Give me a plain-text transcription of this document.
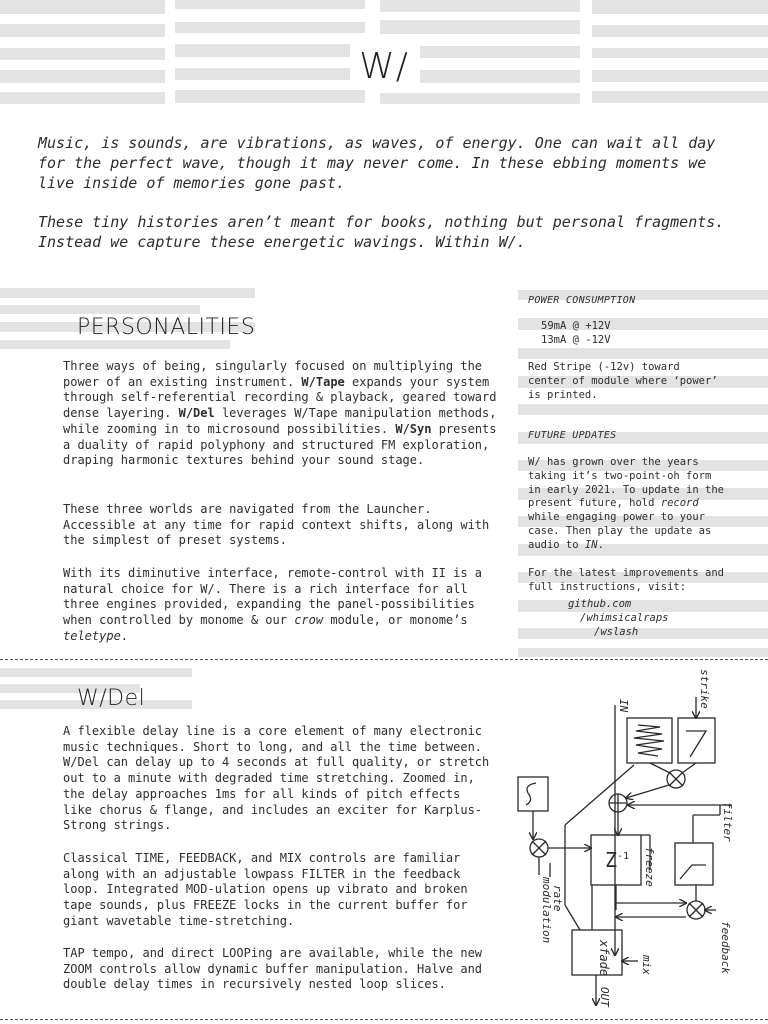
W/

Music, is sounds, are vibrations, as waves, of energy. One can wait all day for the perfect wave, though it may never come. In these ebbing moments we live inside of memories gone past.

These tiny histories aren’t meant for books, nothing but personal fragments. Instead we capture these energetic wavings. Within W/.

PERSONALITIES

Three ways of being, singularly focused on multiplying the power of an existing instrument. W/Tape expands your system through self-referential recording & playback, geared toward dense layering. W/Del leverages W/Tape manipulation methods, while zooming in to microsound possibilities. W/Syn presents a duality of rapid polyphony and structured FM exploration, draping harmonic textures behind your sound stage.

These three worlds are navigated from the Launcher. Accessible at any time for rapid context shifts, along with the simplest of preset systems.

With its diminutive interface, remote-control with II is a natural choice for W/. There is a rich interface for all three engines provided, expanding the panel-possibilities when controlled by monome & our crow module, or monome’s teletype.

POWER CONSUMPTION
59mA @ +12V
13mA @ -12V

Red Stripe (-12v) toward center of module where ‘power’ is printed.

FUTURE UPDATES

W/ has grown over the years taking it’s two-point-oh form in early 2021. To update in the present future, hold record while engaging power to your case. Then play the update as audio to IN.

For the latest improvements and full instructions, visit:

github.com
/whimsicalraps
/wslash
W/Del

A flexible delay line is a core element of many electronic music techniques. Short to long, and all the time between. W/Del can delay up to 4 seconds at full quality, or stretch out to a minute with degraded time stretching. Zoomed in, the delay approaches 1ms for all kinds of pitch effects like chorus & flange, and includes an exciter for Karplus-Strong strings.

Classical TIME, FEEDBACK, and MIX controls are familiar along with an adjustable lowpass FILTER in the feedback loop. Integrated MOD-ulation opens up vibrato and broken tape sounds, plus FREEZE locks in the current buffer for giant wavetable time-stretching.

TAP tempo, and direct LOOPing are available, while the new ZOOM controls allow dynamic buffer manipulation. Halve and double delay times in recursively nested loop slices.

$Z^{-1}$
IN	strike
filter
freeze
rate
modulation
feedback
xfade	mix
OUT
